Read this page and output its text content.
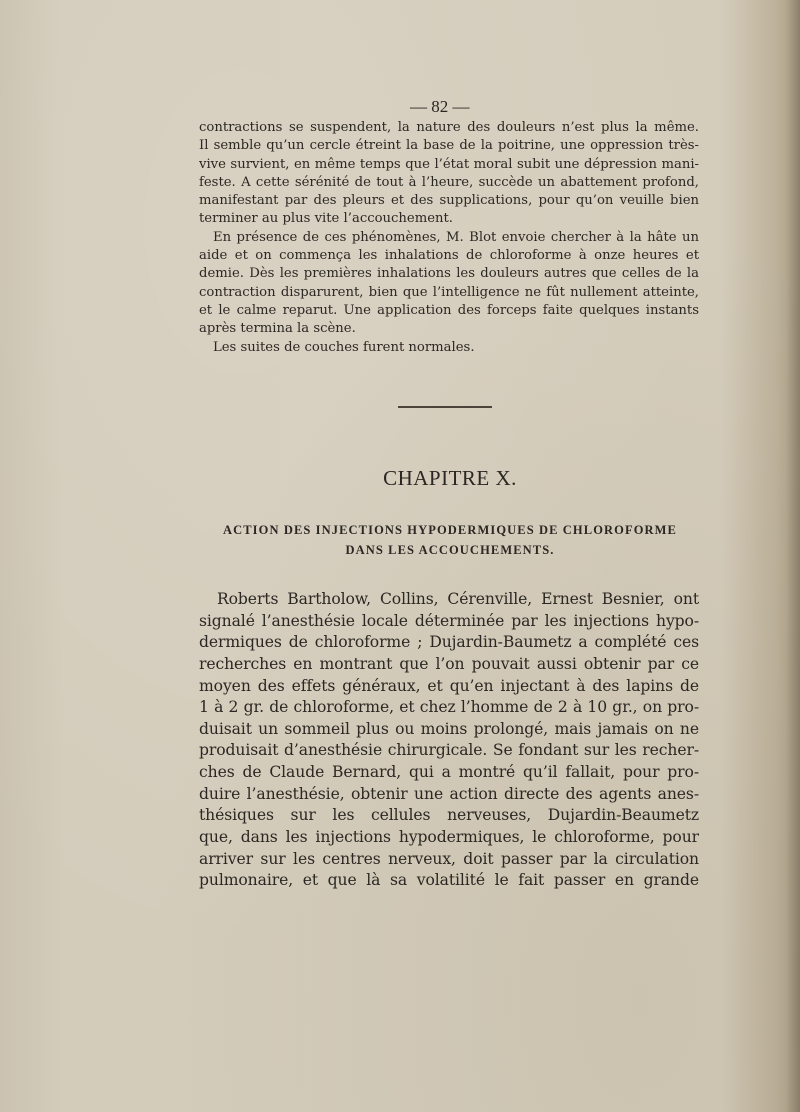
— 82 —
contractions se suspendent, la nature des douleurs n’est plus la même.
Il semble qu’un cercle étreint la base de la poitrine, une oppression très-
vive survient, en même temps que l’état moral subit une dépression mani-
feste. A cette sérénité de tout à l’heure, succède un abattement profond,
manifestant par des pleurs et des supplications, pour qu’on veuille bien
terminer au plus vite l’accouchement.
En présence de ces phénomènes, M. Blot envoie chercher à la hâte un
aide et on commença les inhalations de chloroforme à onze heures et
demie. Dès les premières inhalations les douleurs autres que celles de la
contraction disparurent, bien que l’intelligence ne fût nullement atteinte,
et le calme reparut. Une application des forceps faite quelques instants
après termina la scène.
Les suites de couches furent normales.
CHAPITRE X.
ACTION DES INJECTIONS HYPODERMIQUES DE CHLOROFORME
DANS LES ACCOUCHEMENTS.
Roberts Bartholow, Collins, Cérenville, Ernest Besnier, ont
signalé l’anesthésie locale déterminée par les injections hypo-
dermiques de chloroforme ; Dujardin-Baumetz a complété ces
recherches en montrant que l’on pouvait aussi obtenir par ce
moyen des effets généraux, et qu’en injectant à des lapins de
1 à 2 gr. de chloroforme, et chez l’homme de 2 à 10 gr., on pro-
duisait un sommeil plus ou moins prolongé, mais jamais on ne
produisait d’anesthésie chirurgicale. Se fondant sur les recher-
ches de Claude Bernard, qui a montré qu’il fallait, pour pro-
duire l’anesthésie, obtenir une action directe des agents anes-
thésiques sur les cellules nerveuses, Dujardin-Beaumetz
que, dans les injections hypodermiques, le chloroforme, pour
arriver sur les centres nerveux, doit passer par la circulation
pulmonaire, et que là sa volatilité le fait passer en grande
